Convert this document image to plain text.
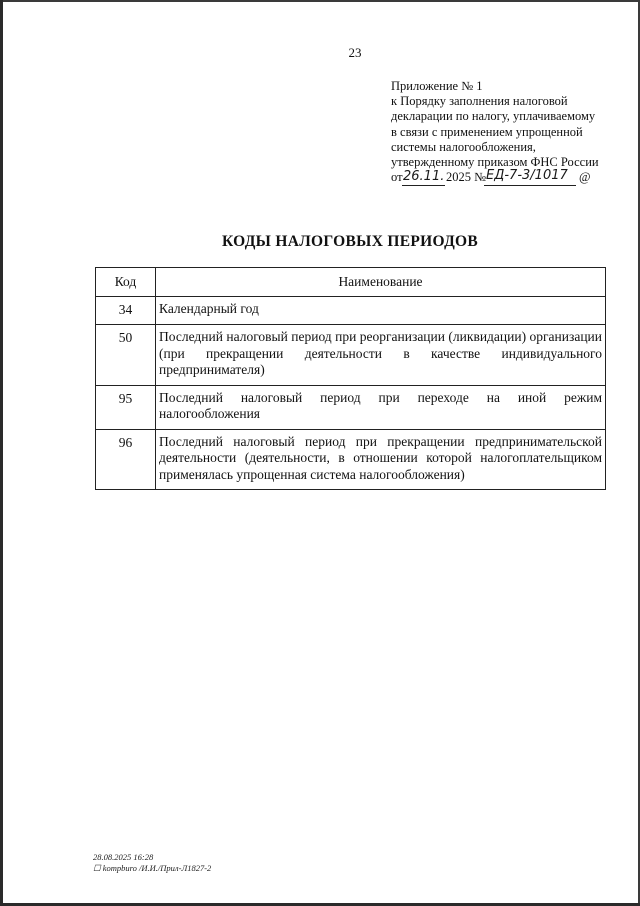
23
Приложение № 1
к Порядку заполнения налоговой
декларации по налогу, уплачиваемому
в связи с применением упрощенной
системы налогообложения,
утвержденному приказом ФНС России
от 26.11. 2025 № ЕД-7-3/1017 @
КОДЫ НАЛОГОВЫХ ПЕРИОДОВ
Код	Наименование
34	Календарный год
50	Последний налоговый период при реорганизации (ликвидации) организации (при прекращении деятельности в качестве индивидуального предпринимателя)
95	Последний налоговый период при переходе на иной режим налогообложения
96	Последний налоговый период при прекращении предпринимательской деятельности (деятельности, в отношении которой налогоплательщиком применялась упрощенная система налогообложения)
28.08.2025 16:28
☐ kompburo /И.И./Прил-Л1827-2
